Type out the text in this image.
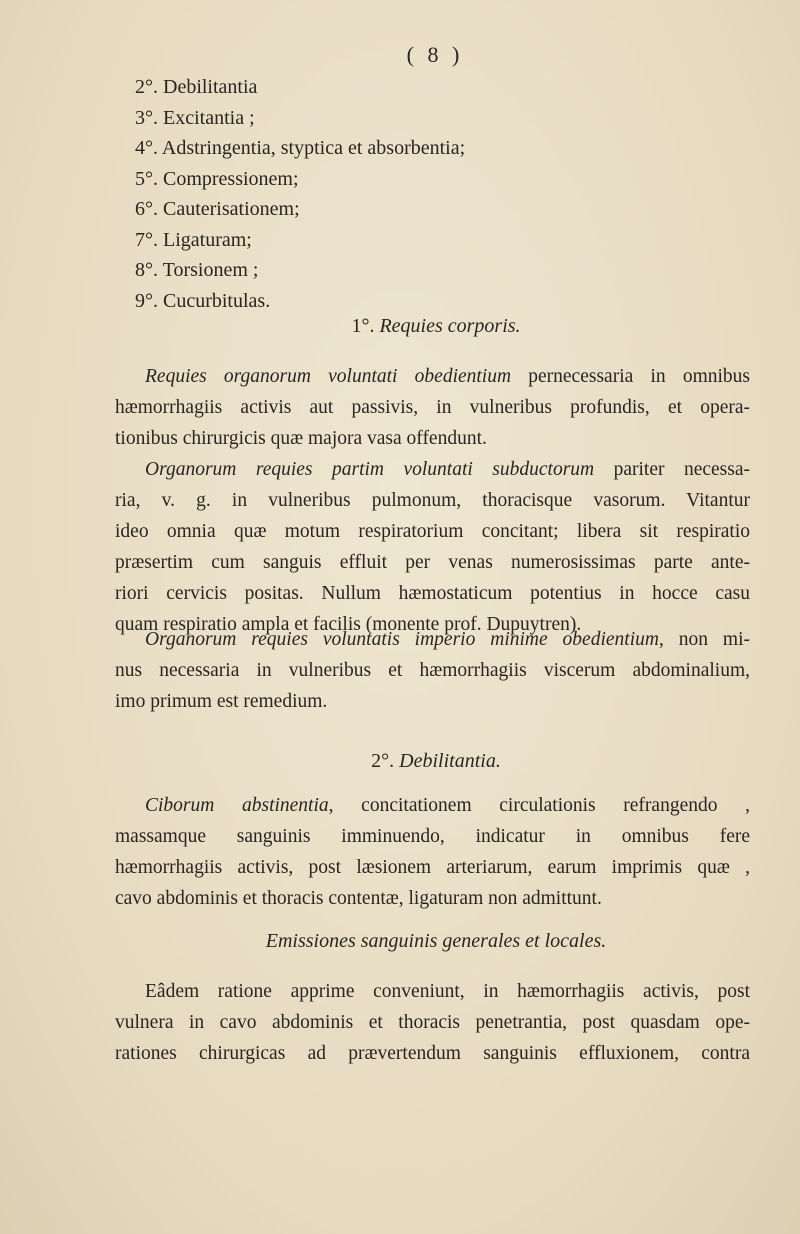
( 8 )
2°. Debilitantia
3°. Excitantia ;
4°. Adstringentia, styptica et absorbentia;
5°. Compressionem;
6°. Cauterisationem;
7°. Ligaturam;
8°. Torsionem ;
9°. Cucurbitulas.
1°. Requies corporis.
Requies organorum voluntati obedientium pernecessaria in omnibus
hæmorrhagiis activis aut passivis, in vulneribus profundis, et opera-
tionibus chirurgicis quæ majora vasa offendunt.
Organorum requies partim voluntati subductorum pariter necessa-
ria, v. g. in vulneribus pulmonum, thoracisque vasorum. Vitantur
ideo omnia quæ motum respiratorium concitant; libera sit respiratio
præsertim cum sanguis effluit per venas numerosissimas parte ante-
riori cervicis positas. Nullum hæmostaticum potentius in hocce casu
quam respiratio ampla et facilis (monente prof. Dupuytren).
Organorum requies voluntatis imperio minime obedientium, non mi-
nus necessaria in vulneribus et hæmorrhagiis viscerum abdominalium,
imo primum est remedium.
2°. Debilitantia.
Ciborum abstinentia, concitationem circulationis refrangendo ,
massamque sanguinis imminuendo, indicatur in omnibus fere
hæmorrhagiis activis, post læsionem arteriarum, earum imprimis quæ ,
cavo abdominis et thoracis contentæ, ligaturam non admittunt.
Emissiones sanguinis generales et locales.
Eâdem ratione apprime conveniunt, in hæmorrhagiis activis, post
vulnera in cavo abdominis et thoracis penetrantia, post quasdam ope-
rationes chirurgicas ad prævertendum sanguinis effluxionem, contra
